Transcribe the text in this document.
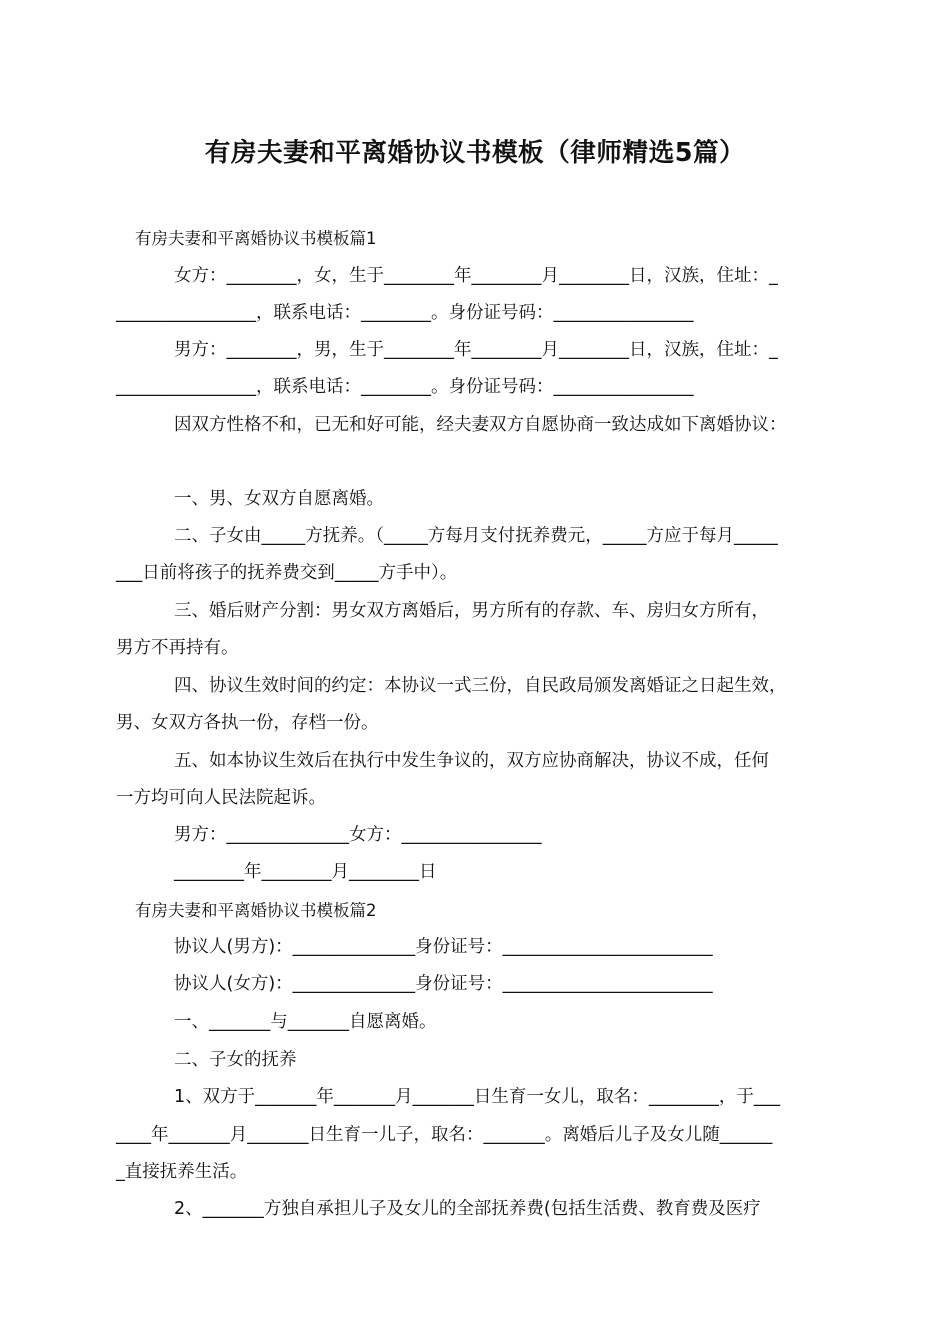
有房夫妻和平离婚协议书模板（律师精选5篇）
有房夫妻和平离婚协议书模板篇1
女方：________，女，生于________年________月________日，汉族，住址：_
________________，联系电话：________。身份证号码：________________
男方：________，男，生于________年________月________日，汉族，住址：_
________________，联系电话：________。身份证号码：________________
因双方性格不和，已无和好可能，经夫妻双方自愿协商一致达成如下离婚协议：
一、男、女双方自愿离婚。
二、子女由_____方抚养。（_____方每月支付抚养费元，_____方应于每月_____
___日前将孩子的抚养费交到_____方手中）。
三、婚后财产分割：男女双方离婚后，男方所有的存款、车、房归女方所有，
男方不再持有。
四、协议生效时间的约定：本协议一式三份，自民政局颁发离婚证之日起生效，
男、女双方各执一份，存档一份。
五、如本协议生效后在执行中发生争议的，双方应协商解决，协议不成，任何
一方均可向人民法院起诉。
男方：______________女方：________________
________年________月________日
有房夫妻和平离婚协议书模板篇2
协议人(男方)：______________身份证号：________________________
协议人(女方)：______________身份证号：________________________
一、_______与_______自愿离婚。
二、子女的抚养
1、双方于_______年_______月_______日生育一女儿，取名：________，于___
____年_______月_______日生育一儿子，取名：_______。离婚后儿子及女儿随______
_直接抚养生活。
2、_______方独自承担儿子及女儿的全部抚养费(包括生活费、教育费及医疗
